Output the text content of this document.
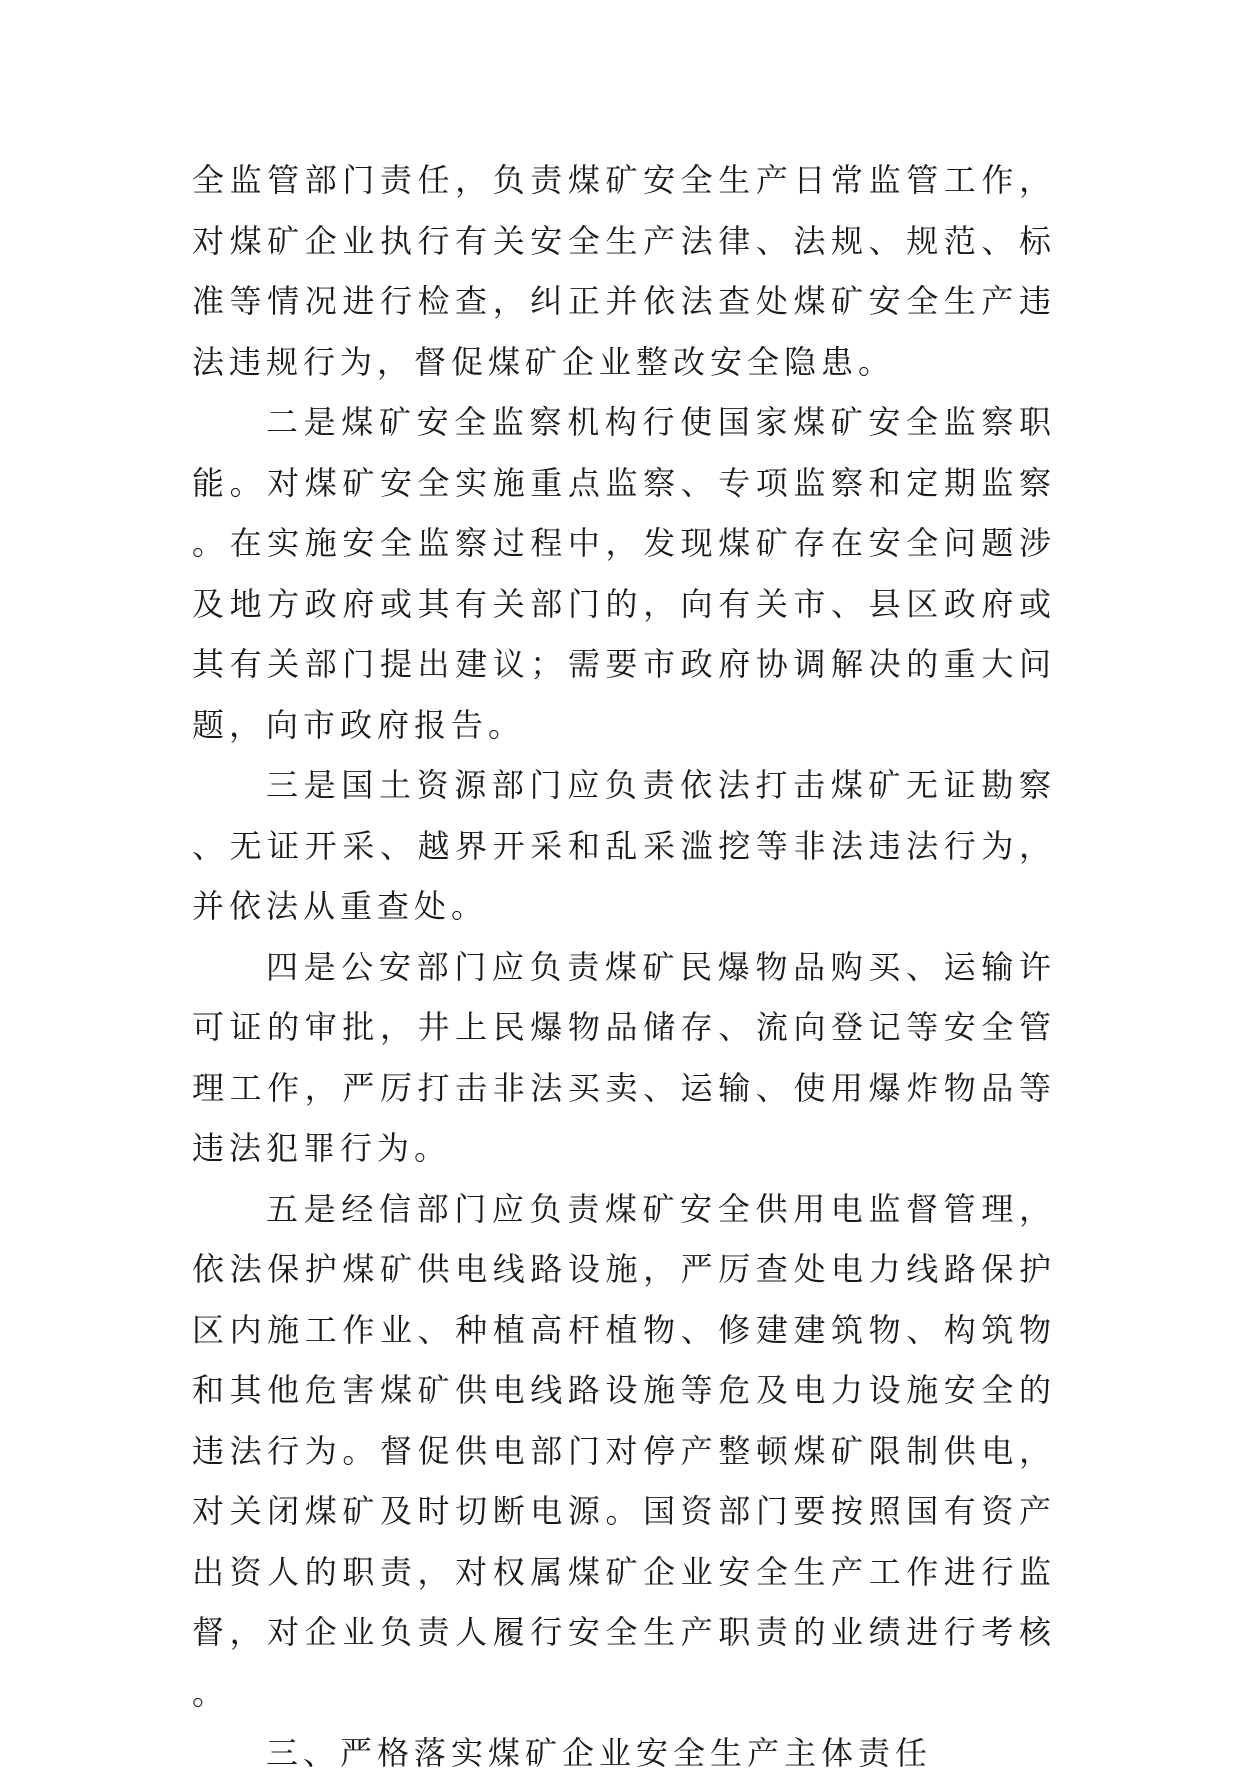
全监管部门责任，负责煤矿安全生产日常监管工作，对煤矿企业执行有关安全生产法律、法规、规范、标准等情况进行检查，纠正并依法查处煤矿安全生产违法违规行为，督促煤矿企业整改安全隐患。

二是煤矿安全监察机构行使国家煤矿安全监察职能。对煤矿安全实施重点监察、专项监察和定期监察。在实施安全监察过程中，发现煤矿存在安全问题涉及地方政府或其有关部门的，向有关市、县区政府或其有关部门提出建议；需要市政府协调解决的重大问题，向市政府报告。

三是国土资源部门应负责依法打击煤矿无证勘察、无证开采、越界开采和乱采滥挖等非法违法行为，并依法从重查处。

四是公安部门应负责煤矿民爆物品购买、运输许可证的审批，井上民爆物品储存、流向登记等安全管理工作，严厉打击非法买卖、运输、使用爆炸物品等违法犯罪行为。

五是经信部门应负责煤矿安全供用电监督管理，依法保护煤矿供电线路设施，严厉查处电力线路保护区内施工作业、种植高杆植物、修建建筑物、构筑物和其他危害煤矿供电线路设施等危及电力设施安全的违法行为。督促供电部门对停产整顿煤矿限制供电，对关闭煤矿及时切断电源。国资部门要按照国有资产出资人的职责，对权属煤矿企业安全生产工作进行监督，对企业负责人履行安全生产职责的业绩进行考核。

三、严格落实煤矿企业安全生产主体责任
